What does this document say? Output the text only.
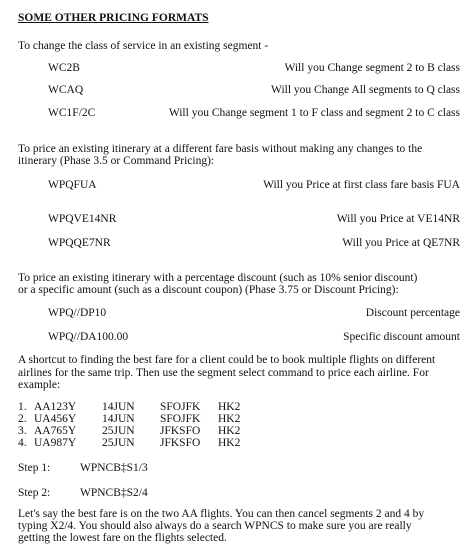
SOME OTHER PRICING FORMATS
To change the class of service in an existing segment -
WC2B	Will you Change segment 2 to B class
WCAQ	Will you Change All segments to Q class
WC1F/2C	Will you Change segment 1 to F class and segment 2 to C class
To price an existing itinerary at a different fare basis without making any changes to the
itinerary (Phase 3.5 or Command Pricing):
WPQFUA	Will you Price at first class fare basis FUA
WPQVE14NR	Will you Price at VE14NR
WPQQE7NR	Will you Price at QE7NR
To price an existing itinerary with a percentage discount (such as 10% senior discount)
or a specific amount (such as a discount coupon) (Phase 3.75 or Discount Pricing):
WPQ//DP10	Discount percentage
WPQ//DA100.00	Specific discount amount
A shortcut to finding the best fare for a client could be to book multiple flights on different
airlines for the same trip. Then use the segment select command to price each airline. For
example:
1. AA123Y 14JUN SFOJFK HK2
2. UA456Y 14JUN SFOJFK HK2
3. AA765Y 25JUN JFKSFO HK2
4. UA987Y 25JUN JFKSFO HK2
Step 1:	WPNCB‡S1/3
Step 2:	WPNCB‡S2/4
Let's say the best fare is on the two AA flights. You can then cancel segments 2 and 4 by
typing X2/4. You should also always do a search WPNCS to make sure you are really
getting the lowest fare on the flights selected.
